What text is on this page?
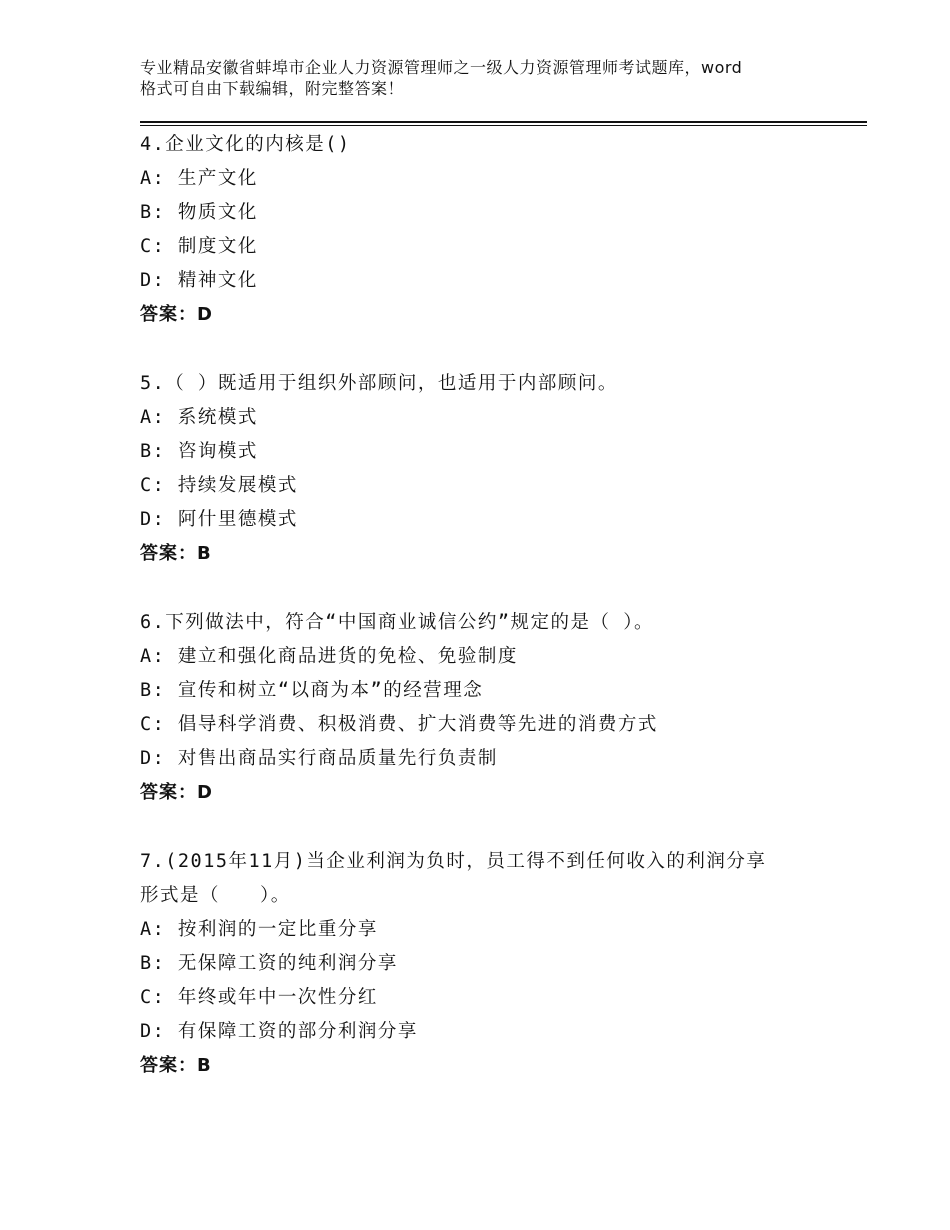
专业精品安徽省蚌埠市企业人力资源管理师之一级人力资源管理师考试题库，word
格式可自由下载编辑，附完整答案！
4.企业文化的内核是()
A: 生产文化
B: 物质文化
C: 制度文化
D: 精神文化
答案：D
5.（ ）既适用于组织外部顾问，也适用于内部顾问。
A: 系统模式
B: 咨询模式
C: 持续发展模式
D: 阿什里德模式
答案：B
6.下列做法中，符合“中国商业诚信公约”规定的是（ ）。
A: 建立和强化商品进货的免检、免验制度
B: 宣传和树立“以商为本”的经营理念
C: 倡导科学消费、积极消费、扩大消费等先进的消费方式
D: 对售出商品实行商品质量先行负责制
答案：D
7.(2015年11月)当企业利润为负时，员工得不到任何收入的利润分享
形式是（　　）。
A: 按利润的一定比重分享
B: 无保障工资的纯利润分享
C: 年终或年中一次性分红
D: 有保障工资的部分利润分享
答案：B
